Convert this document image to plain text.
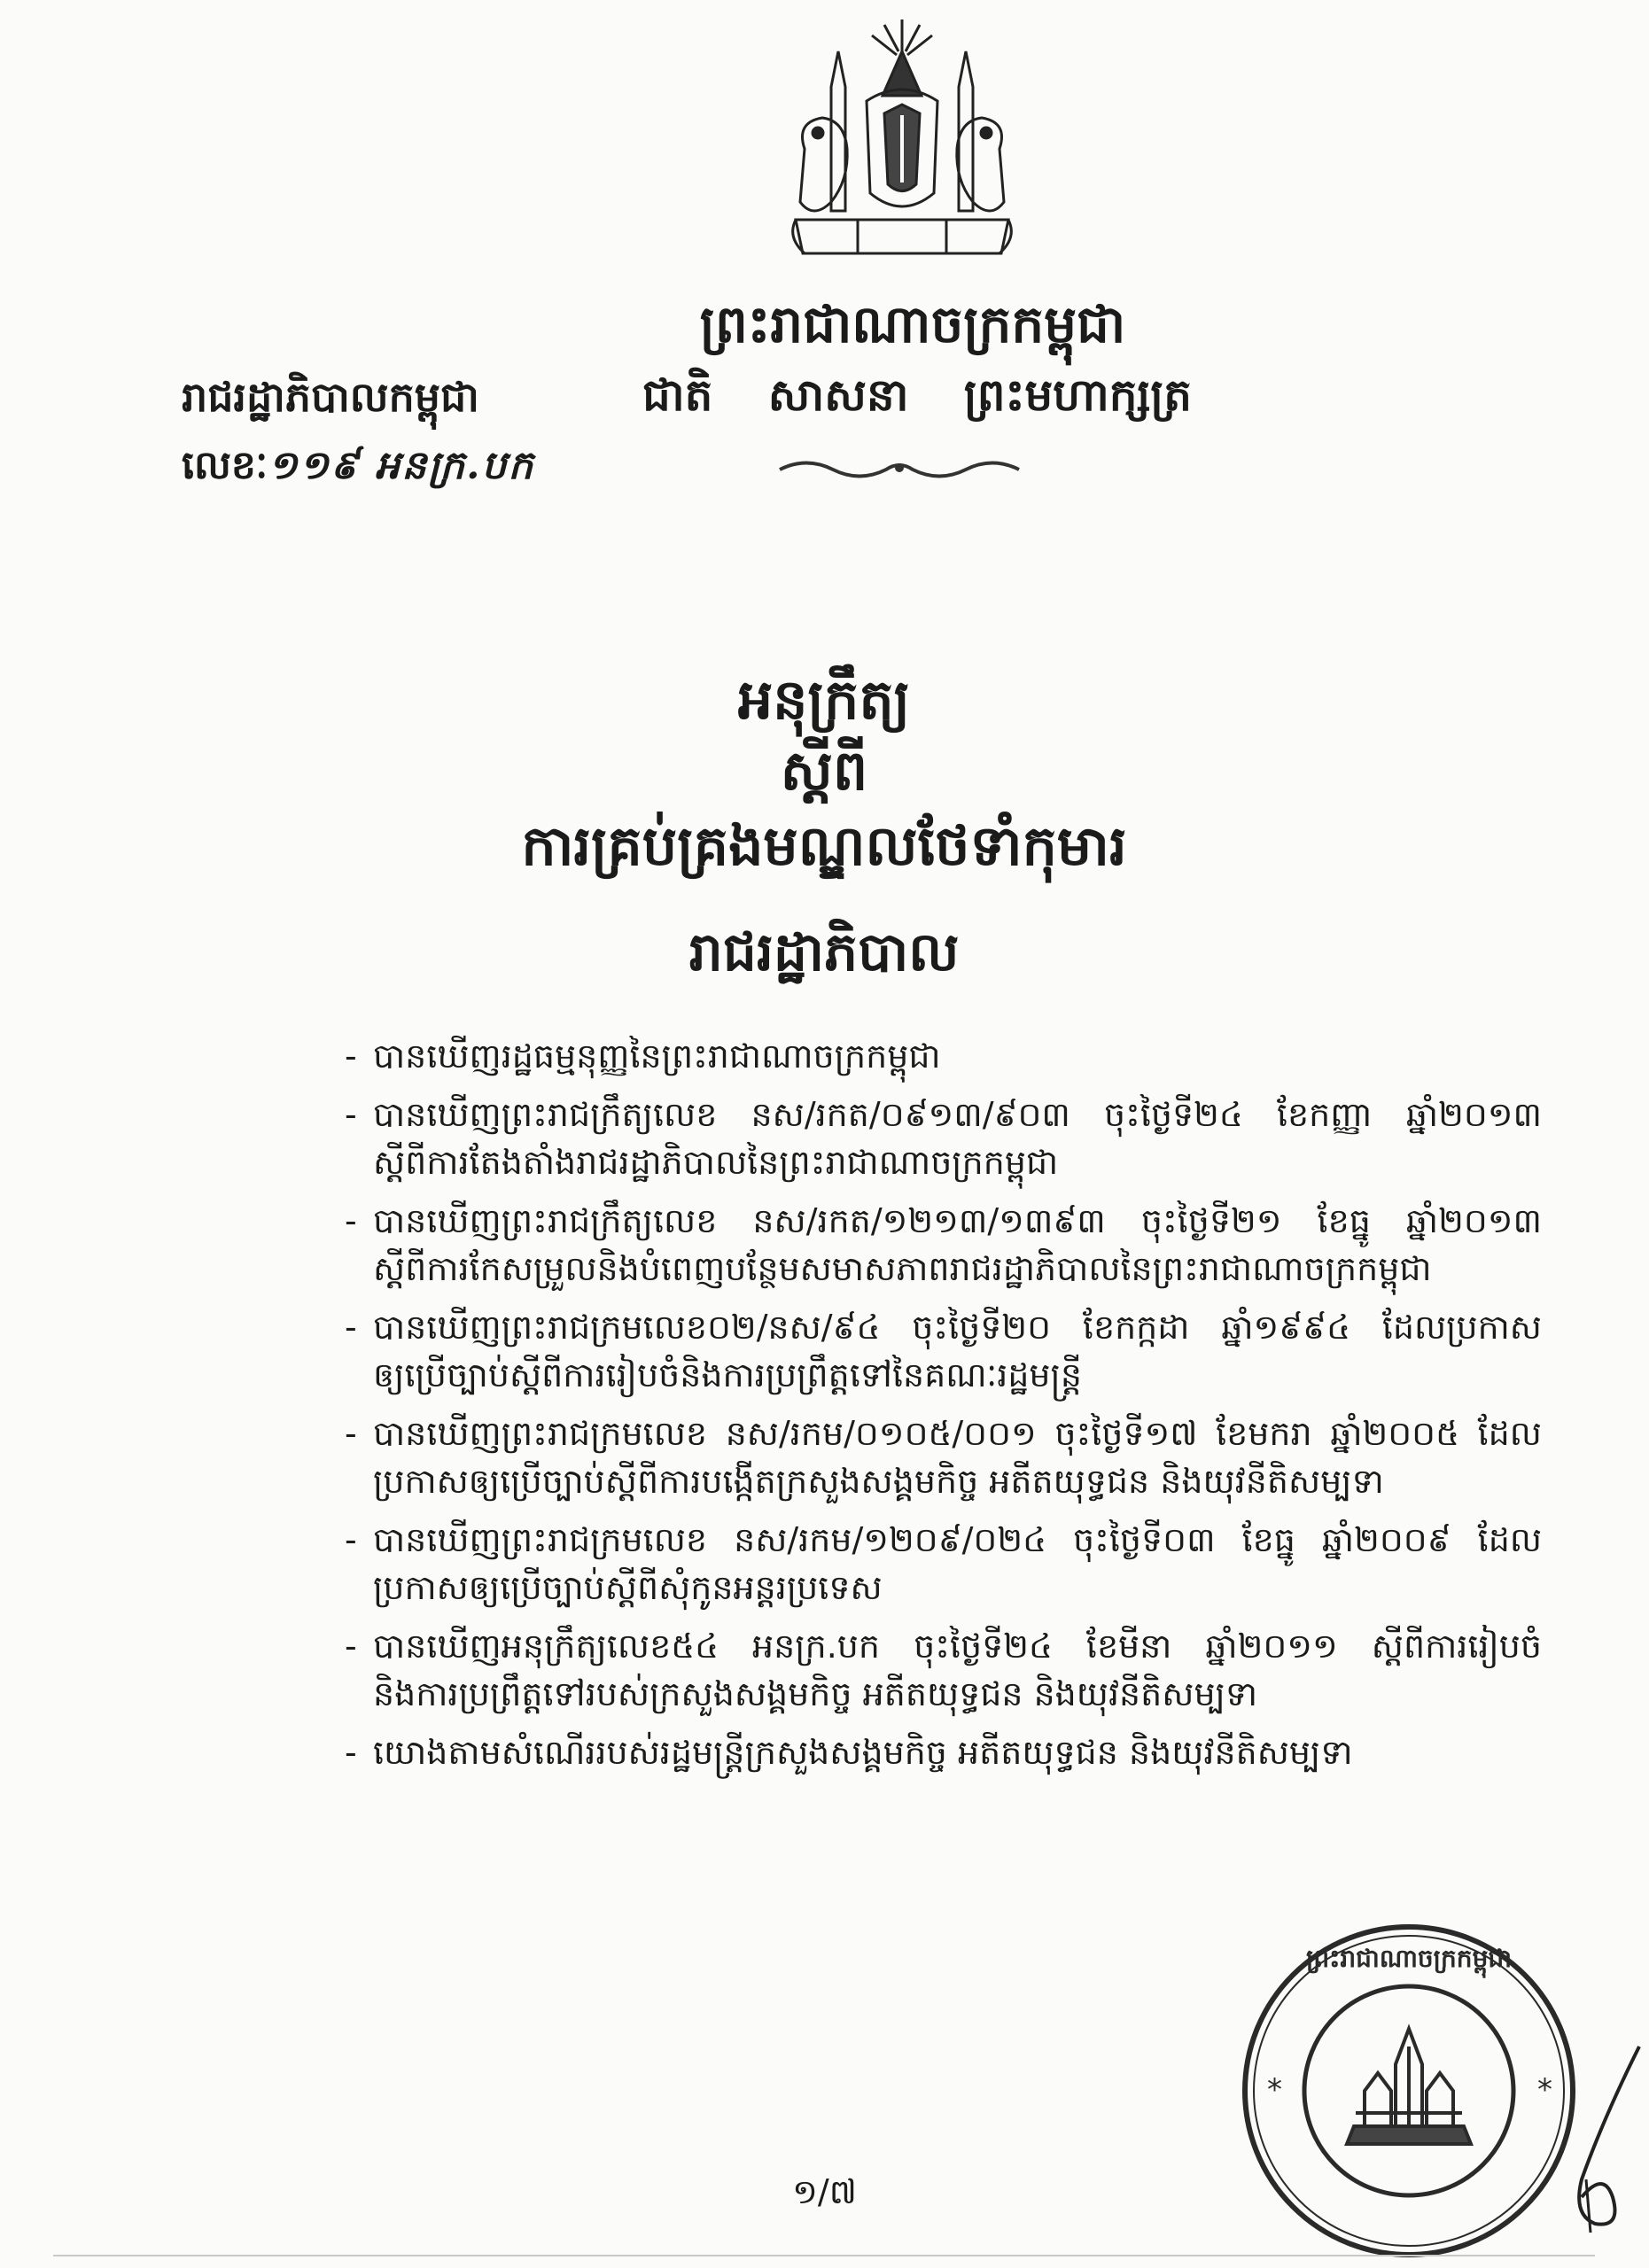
ព្រះរាជាណាចក្រកម្ពុជា
ជាតិ សាសនា ព្រះមហាក្សត្រ
រាជរដ្ឋាភិបាលកម្ពុជា
លេខៈ១១៩ អនក្រ.បក
អនុក្រឹត្យ
ស្ដីពី
ការគ្រប់គ្រងមណ្ឌលថែទាំកុមារ
រាជរដ្ឋាភិបាល
- បានឃើញរដ្ឋធម្មនុញ្ញនៃព្រះរាជាណាចក្រកម្ពុជា
- បានឃើញព្រះរាជក្រឹត្យលេខ នស/រកត/០៩១៣/៩០៣ ចុះថ្ងៃទី២៤ ខែកញ្ញា ឆ្នាំ២០១៣
ស្ដីពីការតែងតាំងរាជរដ្ឋាភិបាលនៃព្រះរាជាណាចក្រកម្ពុជា
- បានឃើញព្រះរាជក្រឹត្យលេខ នស/រកត/១២១៣/១៣៩៣ ចុះថ្ងៃទី២១ ខែធ្នូ ឆ្នាំ២០១៣
ស្ដីពីការកែសម្រួលនិងបំពេញបន្ថែមសមាសភាពរាជរដ្ឋាភិបាលនៃព្រះរាជាណាចក្រកម្ពុជា
- បានឃើញព្រះរាជក្រមលេខ០២/នស/៩៤ ចុះថ្ងៃទី២០ ខែកក្កដា ឆ្នាំ១៩៩៤ ដែលប្រកាស
ឲ្យប្រើច្បាប់ស្ដីពីការរៀបចំនិងការប្រព្រឹត្តទៅនៃគណៈរដ្ឋមន្ត្រី
- បានឃើញព្រះរាជក្រមលេខ នស/រកម/០១០៥/០០១ ចុះថ្ងៃទី១៧ ខែមករា ឆ្នាំ២០០៥ ដែល
ប្រកាសឲ្យប្រើច្បាប់ស្ដីពីការបង្កើតក្រសួងសង្គមកិច្ច អតីតយុទ្ធជន និងយុវនីតិសម្បទា
- បានឃើញព្រះរាជក្រមលេខ នស/រកម/១២០៩/០២៤ ចុះថ្ងៃទី០៣ ខែធ្នូ ឆ្នាំ២០០៩ ដែល
ប្រកាសឲ្យប្រើច្បាប់ស្ដីពីសុំកូនអន្តរប្រទេស
- បានឃើញអនុក្រឹត្យលេខ៥៤ អនក្រ.បក ចុះថ្ងៃទី២៤ ខែមីនា ឆ្នាំ២០១១ ស្ដីពីការរៀបចំ
និងការប្រព្រឹត្តទៅរបស់ក្រសួងសង្គមកិច្ច អតីតយុទ្ធជន និងយុវនីតិសម្បទា
- យោងតាមសំណើររបស់រដ្ឋមន្ត្រីក្រសួងសង្គមកិច្ច អតីតយុទ្ធជន និងយុវនីតិសម្បទា
ព្រះរាជាណាចក្រកម្ពុជា
*	*
១/៧
